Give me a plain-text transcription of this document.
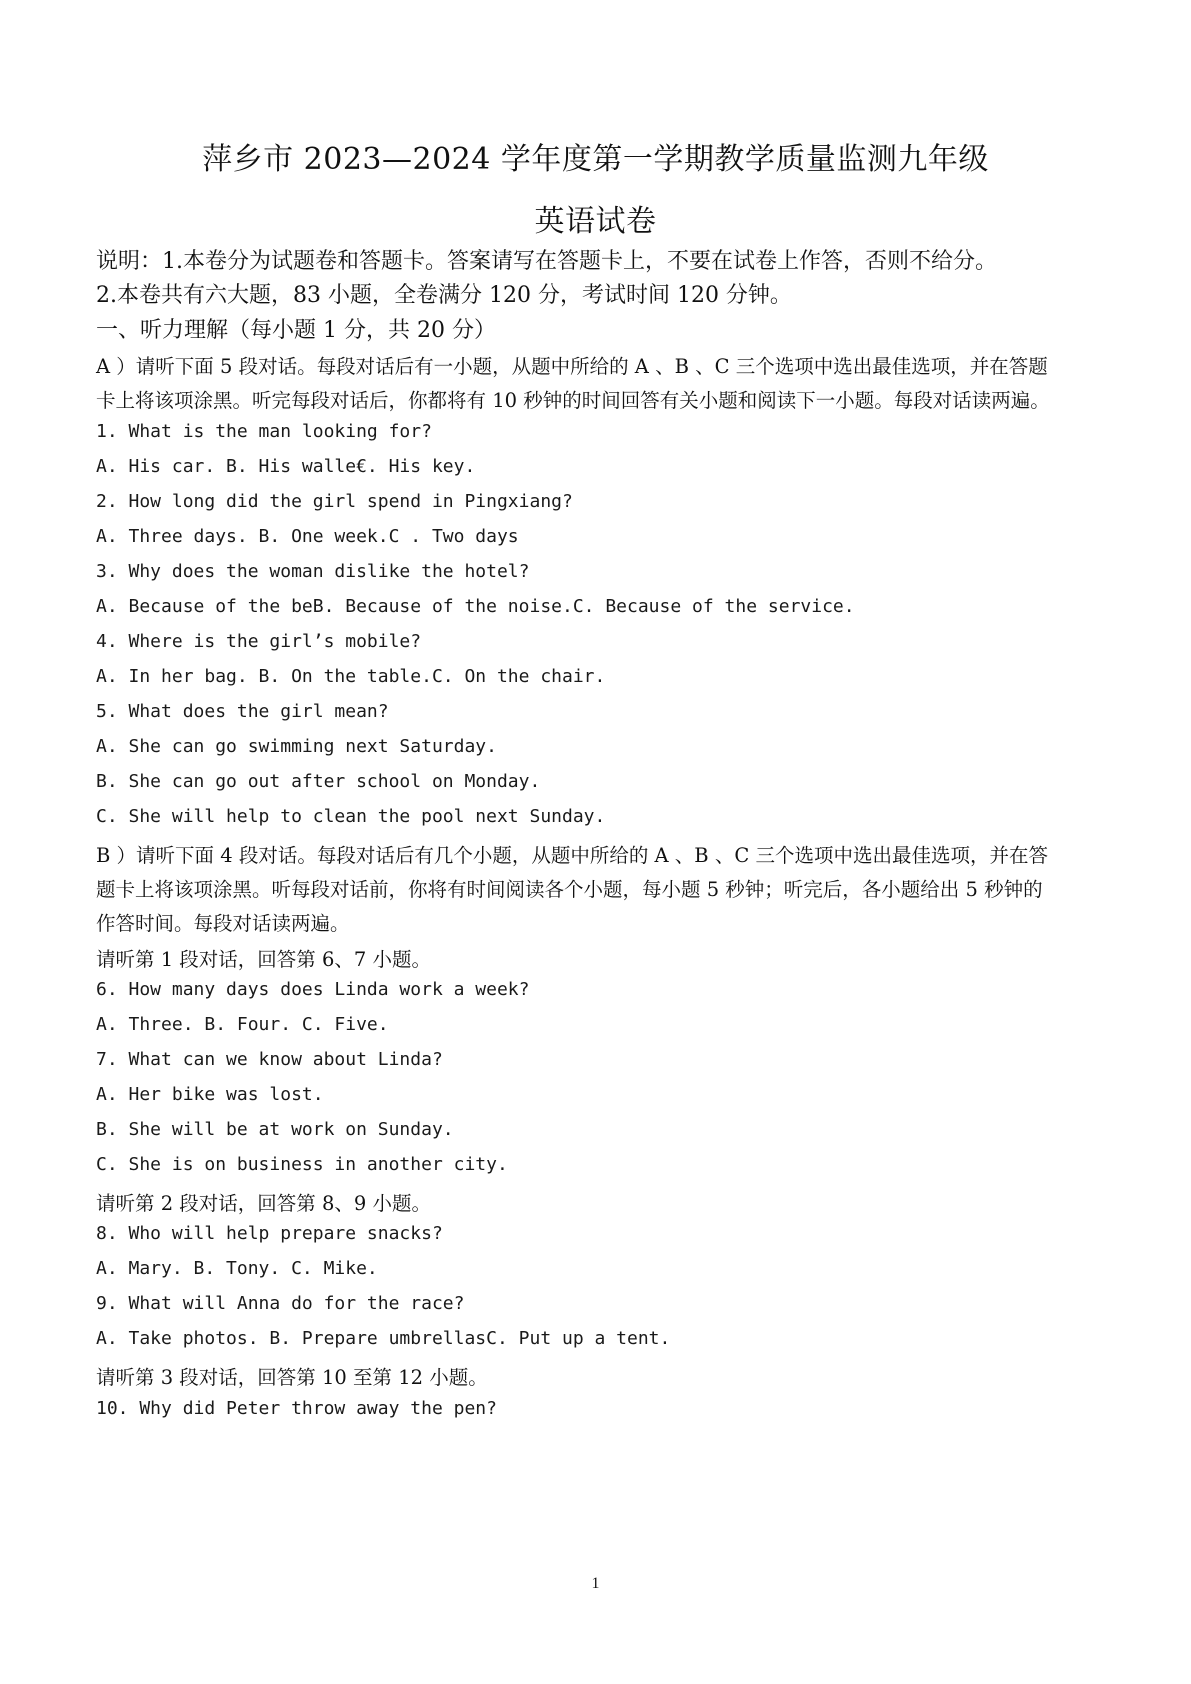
萍乡市 2023—2024 学年度第一学期教学质量监测九年级
英语试卷
说明：1.本卷分为试题卷和答题卡。答案请写在答题卡上，不要在试卷上作答，否则不给分。
2.本卷共有六大题，83 小题，全卷满分 120 分，考试时间 120 分钟。
一、听力理解（每小题 1 分，共 20 分）
A ）请听下面 5 段对话。每段对话后有一小题，从题中所给的 A 、B 、C 三个选项中选出最佳选项，并在答题
卡上将该项涂黑。听完每段对话后，你都将有 10 秒钟的时间回答有关小题和阅读下一小题。每段对话读两遍。
1. What is the man looking for?
A. His car. B. His walle€. His key.
2. How long did the girl spend in Pingxiang?
A. Three days. B. One week.C . Two days
3. Why does the woman dislike the hotel?
A. Because of the beB. Because of the noise.C. Because of the service.
4. Where is the girl’s mobile?
A. In her bag. B. On the table.C. On the chair.
5. What does the girl mean?
A. She can go swimming next Saturday.
B. She can go out after school on Monday.
C. She will help to clean the pool next Sunday.
B ）请听下面 4 段对话。每段对话后有几个小题，从题中所给的 A 、B 、C 三个选项中选出最佳选项，并在答
题卡上将该项涂黑。听每段对话前，你将有时间阅读各个小题，每小题 5 秒钟；听完后，各小题给出 5 秒钟的
作答时间。每段对话读两遍。
请听第 1 段对话，回答第 6、7 小题。
6. How many days does Linda work a week?
A. Three. B. Four. C. Five.
7. What can we know about Linda?
A. Her bike was lost.
B. She will be at work on Sunday.
C. She is on business in another city.
请听第 2 段对话，回答第 8、9 小题。
8. Who will help prepare snacks?
A. Mary. B. Tony. C. Mike.
9. What will Anna do for the race?
A. Take photos. B. Prepare umbrellasC. Put up a tent.
请听第 3 段对话，回答第 10 至第 12 小题。
10. Why did Peter throw away the pen?
1
